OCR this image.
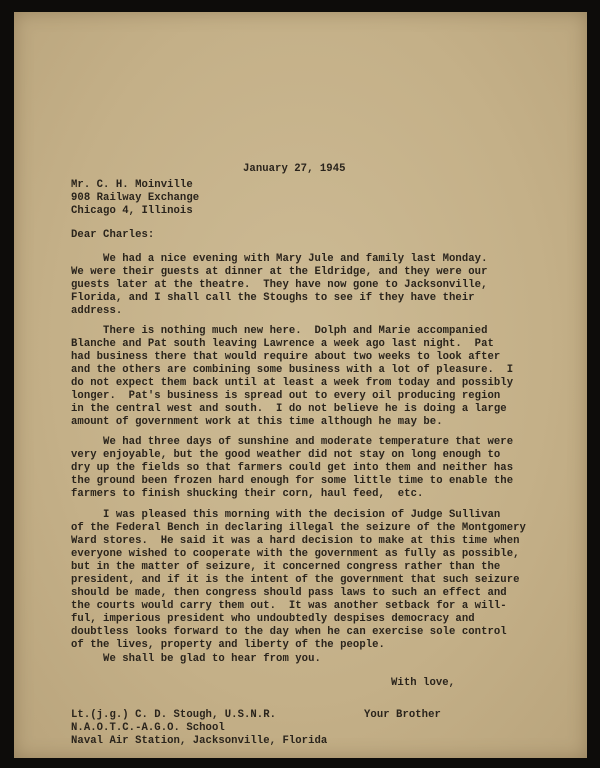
January 27, 1945

Mr. C. H. Moinville

908 Railway Exchange

Chicago 4, Illinois

Dear Charles:

We had a nice evening with Mary Jule and family last Monday.

We were their guests at dinner at the Eldridge, and they were our

guests later at the theatre.  They have now gone to Jacksonville,

Florida, and I shall call the Stoughs to see if they have their

address.

There is nothing much new here.  Dolph and Marie accompanied

Blanche and Pat south leaving Lawrence a week ago last night.  Pat

had business there that would require about two weeks to look after

and the others are combining some business with a lot of pleasure.  I

do not expect them back until at least a week from today and possibly

longer.  Pat's business is spread out to every oil producing region

in the central west and south.  I do not believe he is doing a large

amount of government work at this time although he may be.

We had three days of sunshine and moderate temperature that were

very enjoyable, but the good weather did not stay on long enough to

dry up the fields so that farmers could get into them and neither has

the ground been frozen hard enough for some little time to enable the

farmers to finish shucking their corn, haul feed,  etc.

I was pleased this morning with the decision of Judge Sullivan

of the Federal Bench in declaring illegal the seizure of the Montgomery

Ward stores.  He said it was a hard decision to make at this time when

everyone wished to cooperate with the government as fully as possible,

but in the matter of seizure, it concerned congress rather than the

president, and if it is the intent of the government that such seizure

should be made, then congress should pass laws to such an effect and

the courts would carry them out.  It was another setback for a will-

ful, imperious president who undoubtedly despises democracy and

doubtless looks forward to the day when he can exercise sole control

of the lives, property and liberty of the people.

We shall be glad to hear from you.

With love,

Your Brother

Lt.(j.g.) C. D. Stough, U.S.N.R.

N.A.O.T.C.-A.G.O. School

Naval Air Station, Jacksonville, Florida
